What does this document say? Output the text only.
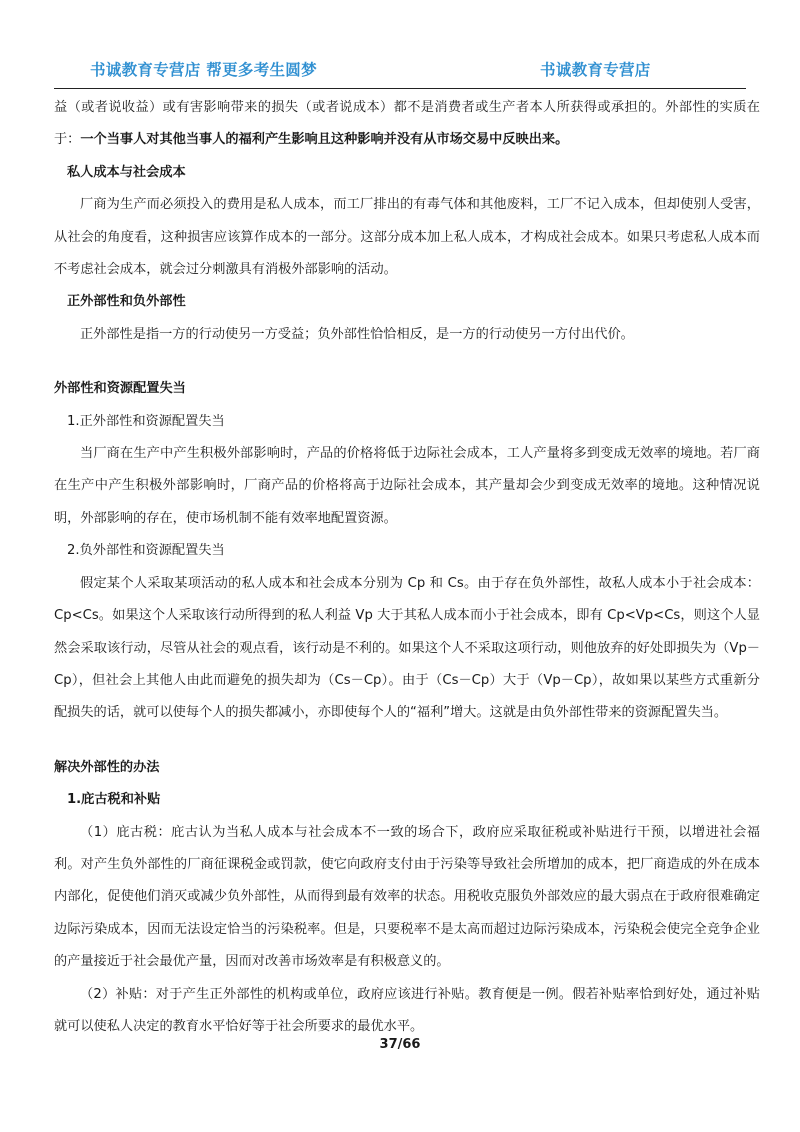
书诚教育专营店 帮更多考生圆梦	书诚教育专营店

益（或者说收益）或有害影响带来的损失（或者说成本）都不是消费者或生产者本人所获得或承担的。外部性的实质在于：一个当事人对其他当事人的福利产生影响且这种影响并没有从市场交易中反映出来。

私人成本与社会成本

厂商为生产而必须投入的费用是私人成本，而工厂排出的有毒气体和其他废料，工厂不记入成本，但却使别人受害，从社会的角度看，这种损害应该算作成本的一部分。这部分成本加上私人成本，才构成社会成本。如果只考虑私人成本而不考虑社会成本，就会过分刺激具有消极外部影响的活动。

正外部性和负外部性

正外部性是指一方的行动使另一方受益；负外部性恰恰相反，是一方的行动使另一方付出代价。

外部性和资源配置失当

1.正外部性和资源配置失当

当厂商在生产中产生积极外部影响时，产品的价格将低于边际社会成本，工人产量将多到变成无效率的境地。若厂商在生产中产生积极外部影响时，厂商产品的价格将高于边际社会成本，其产量却会少到变成无效率的境地。这种情况说明，外部影响的存在，使市场机制不能有效率地配置资源。

2.负外部性和资源配置失当

假定某个人采取某项活动的私人成本和社会成本分别为 Cp 和 Cs。由于存在负外部性，故私人成本小于社会成本：Cp<Cs。如果这个人采取该行动所得到的私人利益 Vp 大于其私人成本而小于社会成本，即有 Cp<Vp<Cs，则这个人显然会采取该行动，尽管从社会的观点看，该行动是不利的。如果这个人不采取这项行动，则他放弃的好处即损失为（Vp－Cp），但社会上其他人由此而避免的损失却为（Cs－Cp）。由于（Cs－Cp）大于（Vp－Cp），故如果以某些方式重新分配损失的话，就可以使每个人的损失都减小，亦即使每个人的“福利”增大。这就是由负外部性带来的资源配置失当。

解决外部性的办法

1.庇古税和补贴

（1）庇古税：庇古认为当私人成本与社会成本不一致的场合下，政府应采取征税或补贴进行干预，以增进社会福利。对产生负外部性的厂商征课税金或罚款，使它向政府支付由于污染等导致社会所增加的成本，把厂商造成的外在成本内部化，促使他们消灭或减少负外部性，从而得到最有效率的状态。用税收克服负外部效应的最大弱点在于政府很难确定边际污染成本，因而无法设定恰当的污染税率。但是，只要税率不是太高而超过边际污染成本，污染税会使完全竞争企业的产量接近于社会最优产量，因而对改善市场效率是有积极意义的。

（2）补贴：对于产生正外部性的机构或单位，政府应该进行补贴。教育便是一例。假若补贴率恰到好处，通过补贴就可以使私人决定的教育水平恰好等于社会所要求的最优水平。

37/66
